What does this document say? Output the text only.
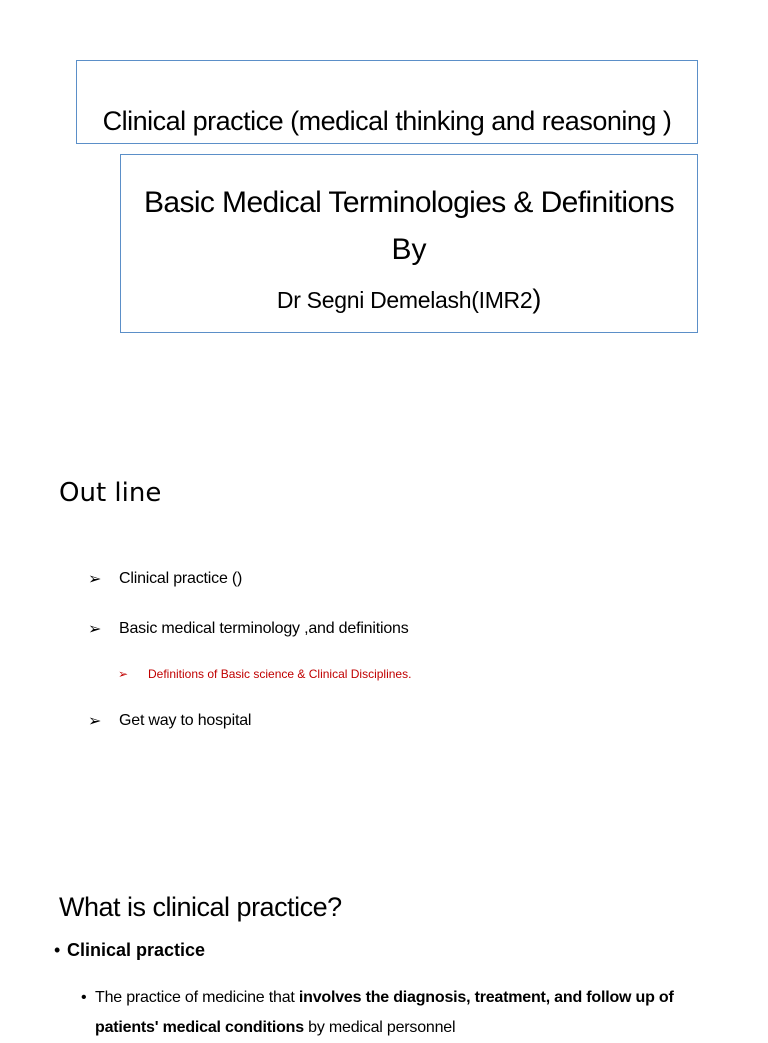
Clinical practice (medical thinking and reasoning )
Basic Medical Terminologies & Definitions
By
Dr Segni Demelash(IMR2)
Out line
➢	Clinical practice ()
➢	Basic medical terminology ,and definitions
➢	Definitions of Basic science & Clinical Disciplines.
➢	Get way to hospital
What is clinical practice?
• Clinical practice
• The practice of medicine that involves the diagnosis, treatment, and follow up of
patients' medical conditions by medical personnel
